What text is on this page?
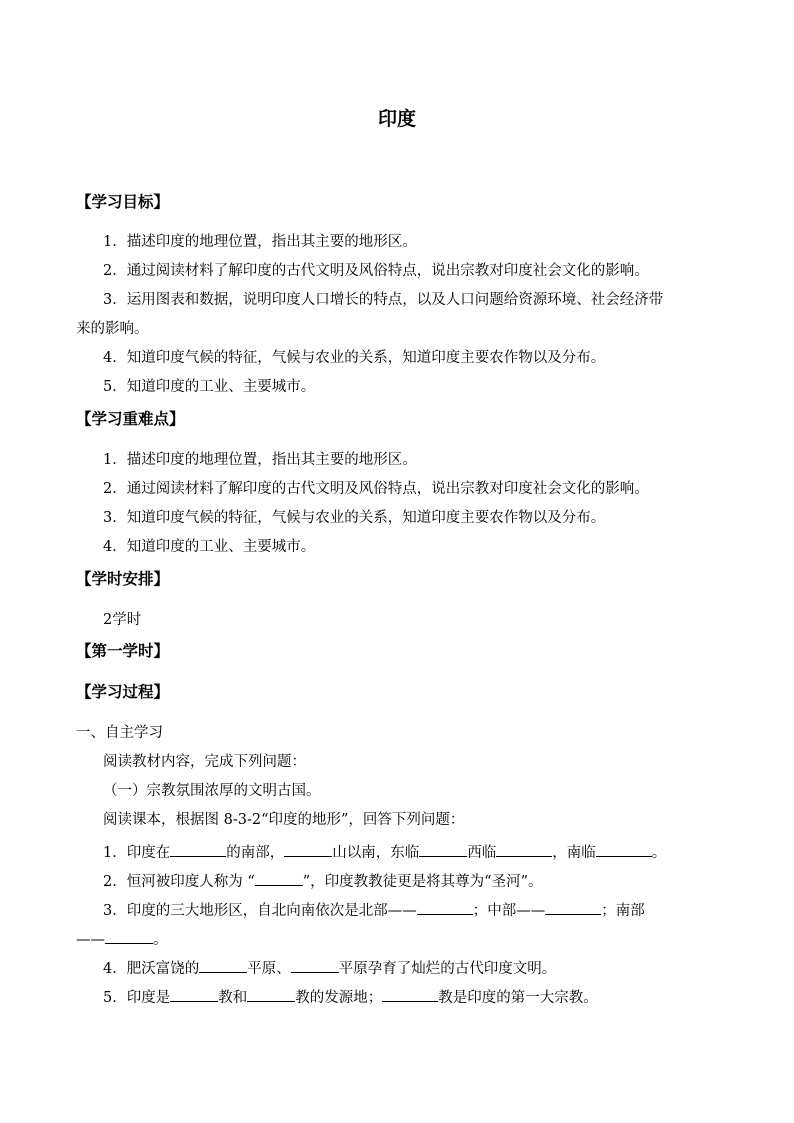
印度
【学习目标】
1．描述印度的地理位置，指出其主要的地形区。
2．通过阅读材料了解印度的古代文明及风俗特点，说出宗教对印度社会文化的影响。
3．运用图表和数据，说明印度人口增长的特点，以及人口问题给资源环境、社会经济带
来的影响。
4．知道印度气候的特征，气候与农业的关系，知道印度主要农作物以及分布。
5．知道印度的工业、主要城市。
【学习重难点】
1．描述印度的地理位置，指出其主要的地形区。
2．通过阅读材料了解印度的古代文明及风俗特点，说出宗教对印度社会文化的影响。
3．知道印度气候的特征，气候与农业的关系，知道印度主要农作物以及分布。
4．知道印度的工业、主要城市。
【学时安排】
2学时
【第一学时】
【学习过程】
一、自主学习
阅读教材内容，完成下列问题：
（一）宗教氛围浓厚的文明古国。
阅读课本，根据图 8-3-2“印度的地形”，回答下列问题：
1．印度在	的南部，	山以南，东临	西临	，南临	。
2．恒河被印度人称为 “	”，印度教教徒更是将其尊为“圣河”。
3．印度的三大地形区，自北向南依次是北部——	；中部——	；南部
——	。
4．肥沃富饶的	平原、	平原孕育了灿烂的古代印度文明。
5．印度是	教和	教的发源地；	教是印度的第一大宗教。
